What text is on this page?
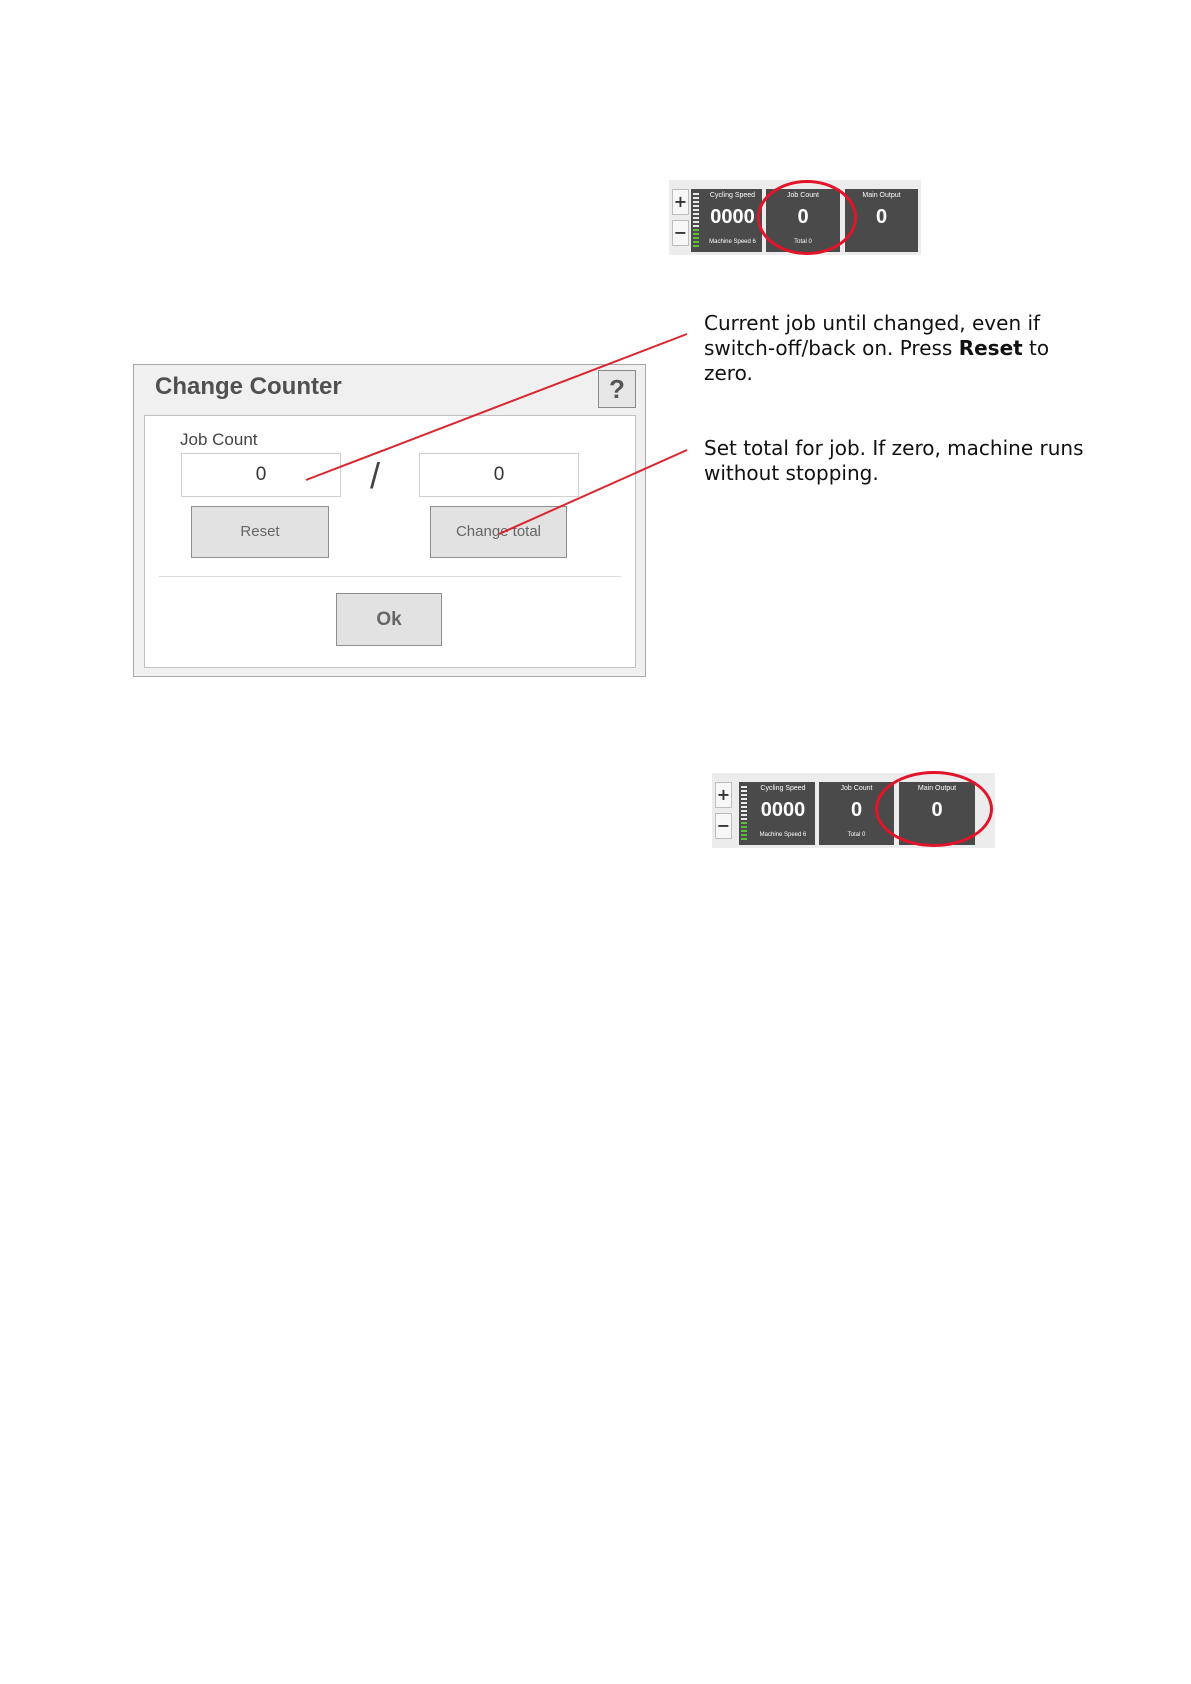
+
−
Cycling Speed
0000
Machine Speed 6
Job Count
0
Total 0
Main Output
0
Change Counter	?
Job Count
0	/	0
Reset	Change total
Ok
Current job until changed, even if switch-off/back on. Press Reset to zero.
Set total for job. If zero, machine runs without stopping.
+
−
Cycling Speed
0000
Machine Speed 6
Job Count
0
Total 0
Main Output
0
